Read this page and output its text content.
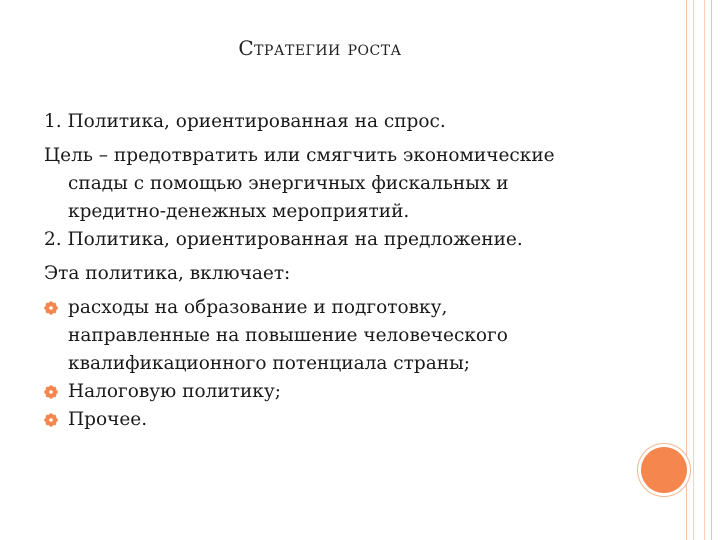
Стратегии роста

1. Политика, ориентированная на спрос.

Цель – предотвратить или смягчить экономические

спады с помощью энергичных фискальных и

кредитно-денежных мероприятий.

2. Политика, ориентированная на предложение.

Эта политика, включает:

расходы на образование и подготовку,
направленные на повышение человеческого
квалификационного потенциала страны;
Налоговую политику;
Прочее.
